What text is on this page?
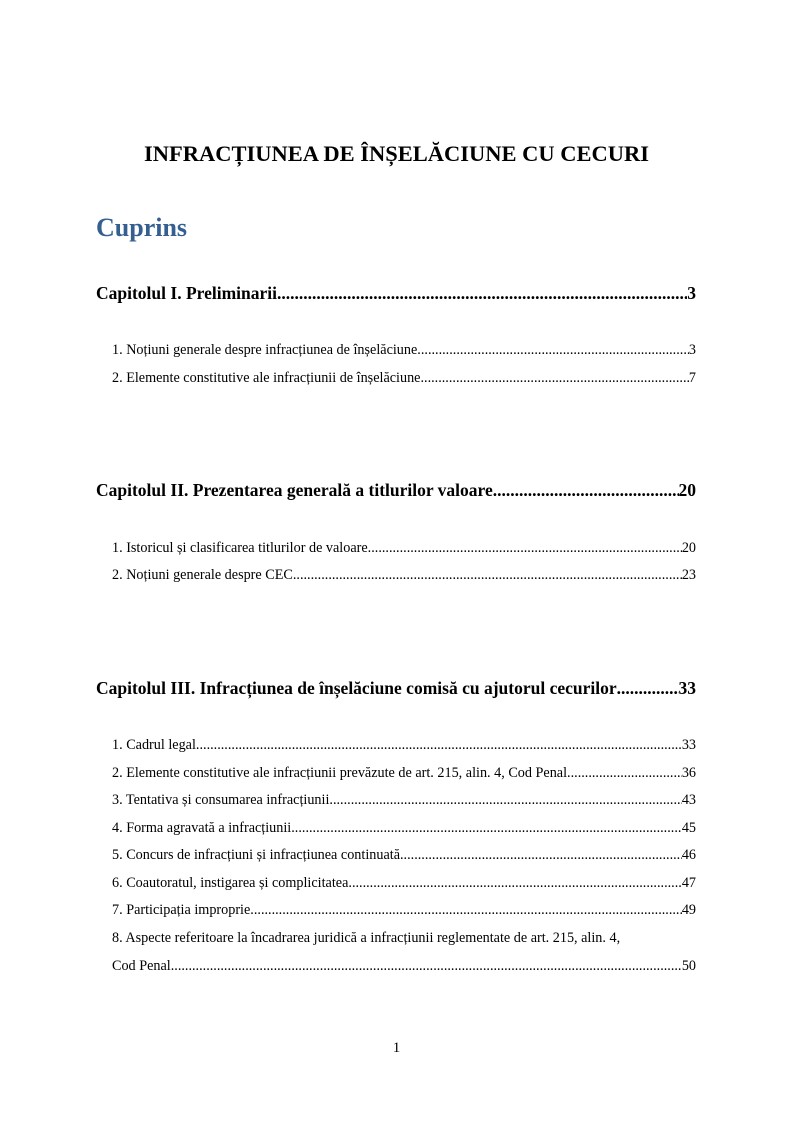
INFRACȚIUNEA DE ÎNȘELĂCIUNE CU CECURI
Cuprins
Capitolul I. Preliminarii .....	3
1. Noțiuni generale despre infracțiunea de înșelăciune .....	3
2. Elemente constitutive ale infracțiunii de înșelăciune .....	7
Capitolul II. Prezentarea generală a titlurilor valoare .....	20
1. Istoricul și clasificarea titlurilor de valoare .....	20
2. Noțiuni generale despre CEC .....	23
Capitolul III. Infracțiunea de înșelăciune comisă cu ajutorul cecurilor .....	33
1. Cadrul legal .....	33
2. Elemente constitutive ale infracțiunii prevăzute de art. 215, alin. 4, Cod Penal .....	36
3. Tentativa și consumarea infracțiunii .....	43
4. Forma agravată a infracțiunii .....	45
5. Concurs de infracțiuni și infracțiunea continuată .....	46
6. Coautoratul, instigarea și complicitatea .....	47
7. Participația improprie .....	49
8. Aspecte referitoare la încadrarea juridică a infracțiunii reglementate de art. 215, alin. 4,
Cod Penal .....	50

1
